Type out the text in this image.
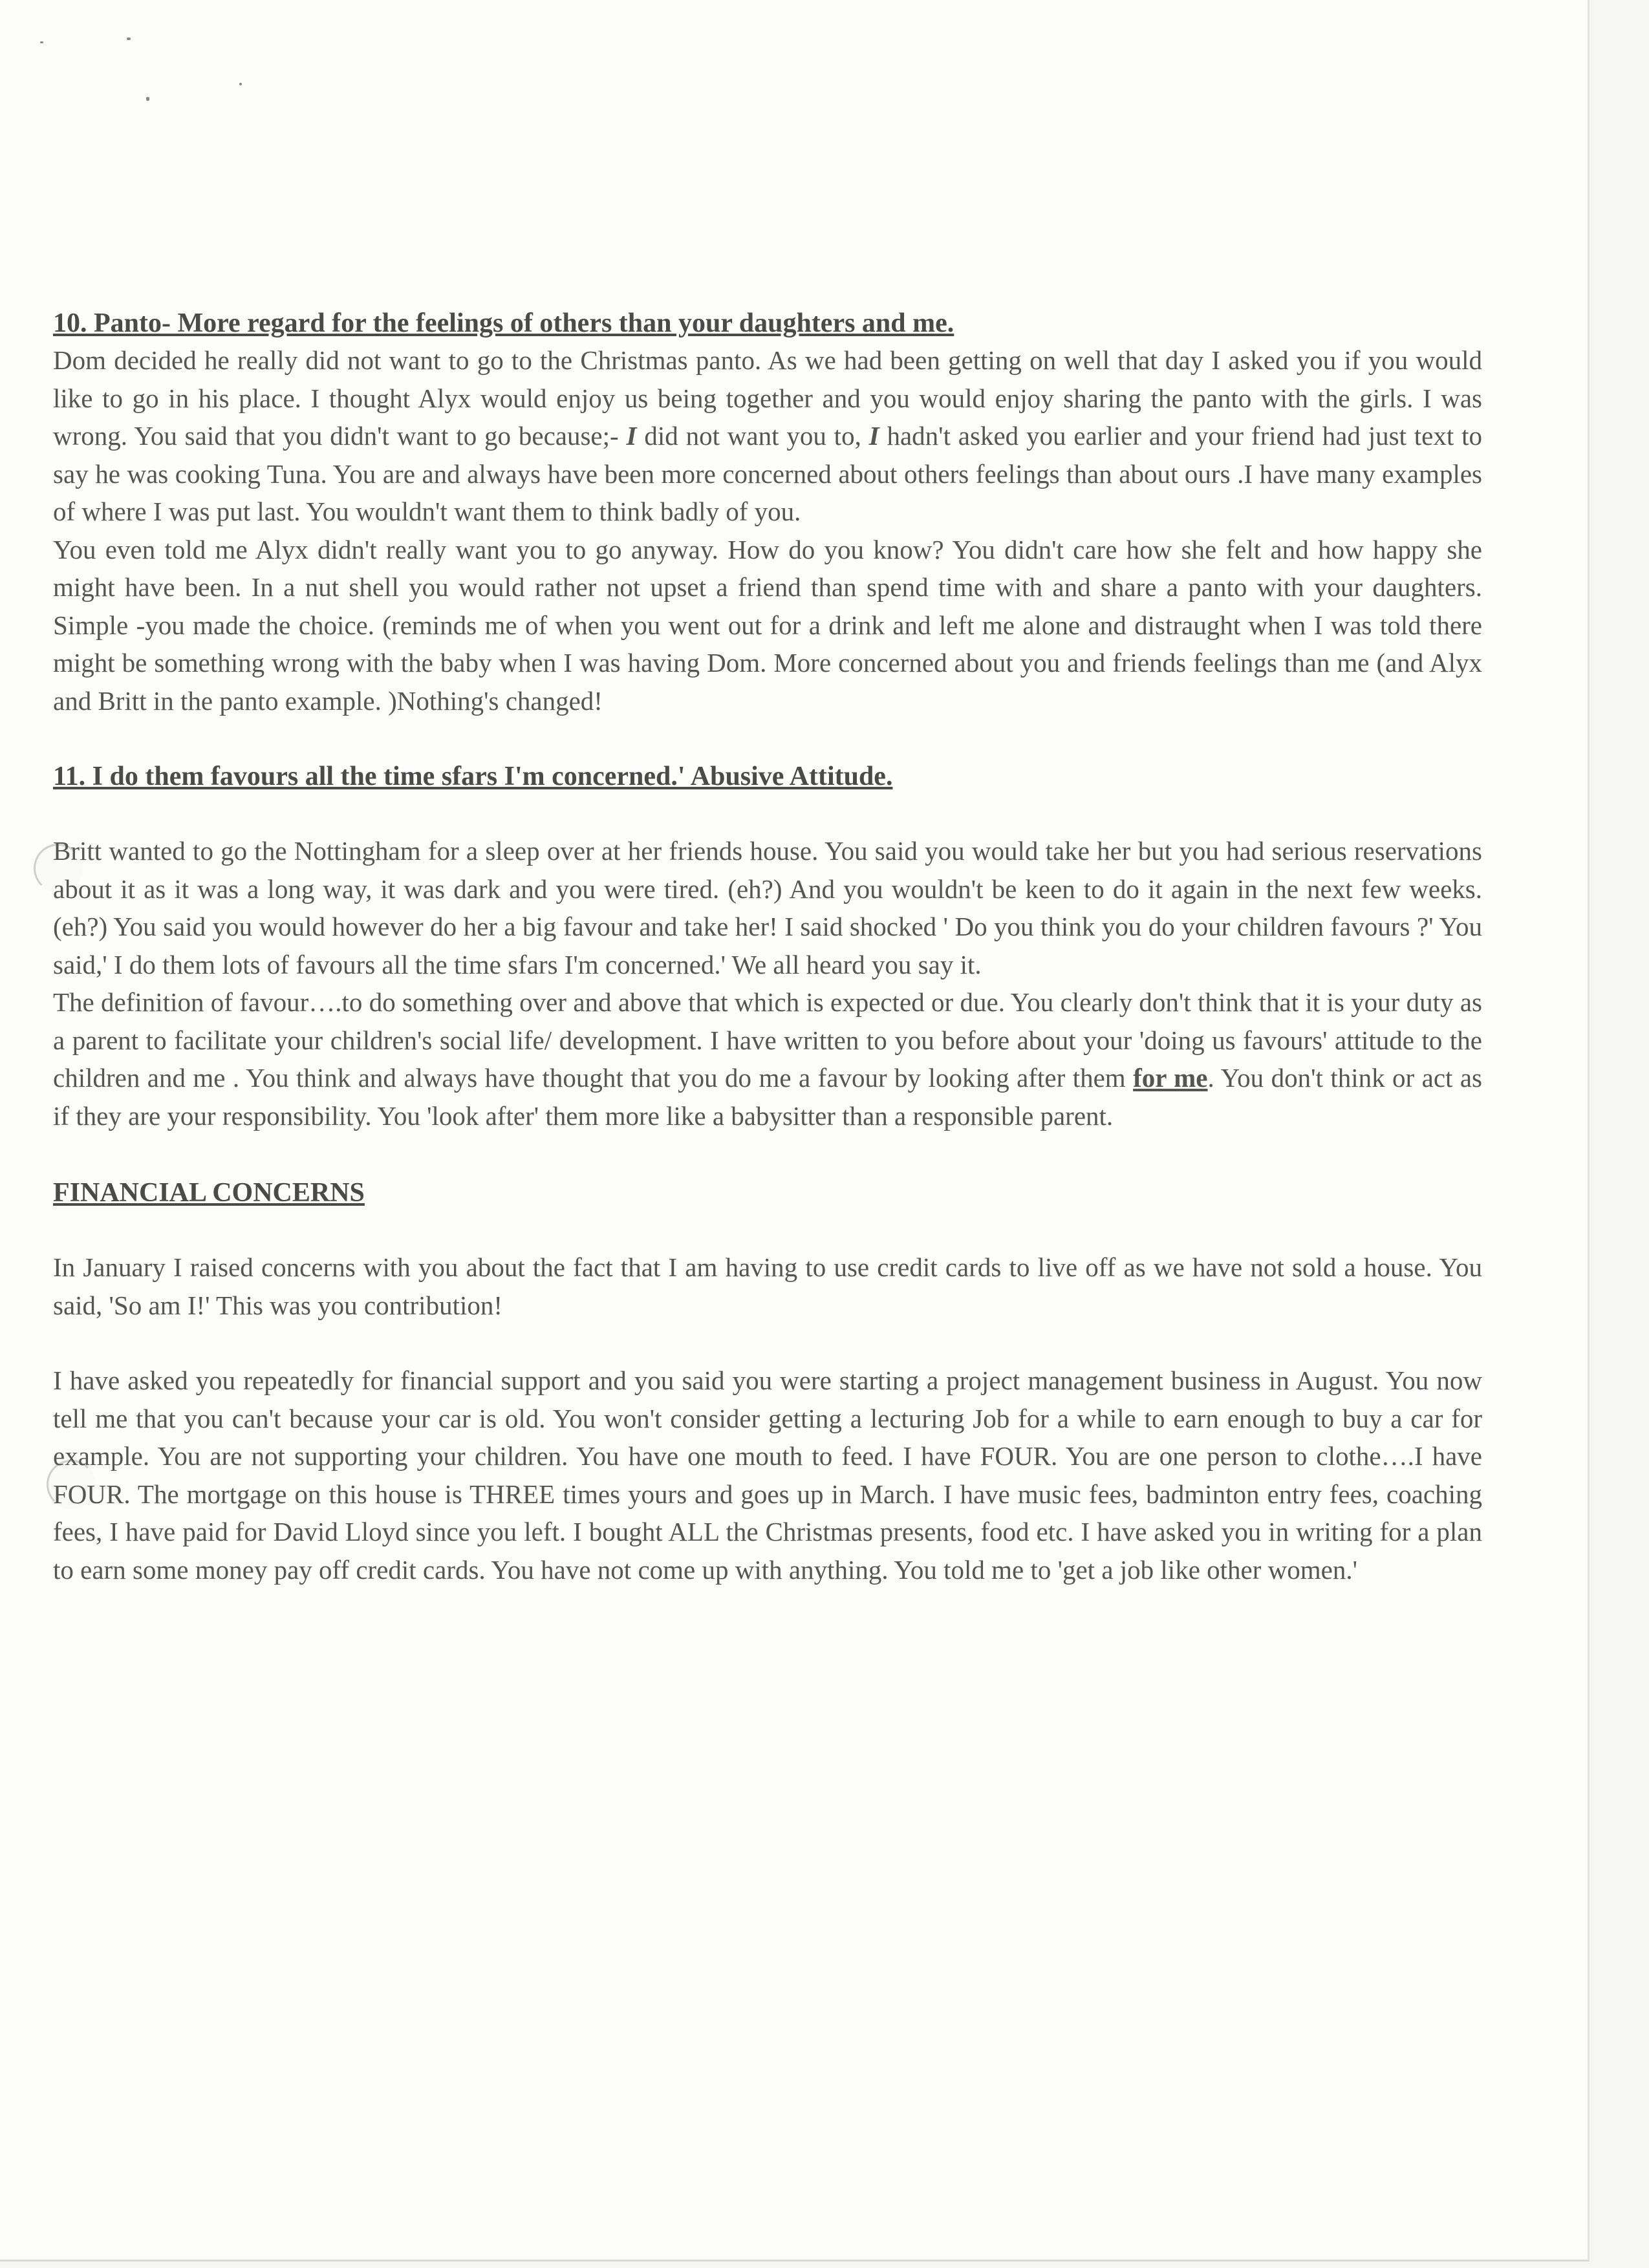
10. Panto- More regard for the feelings of others than your daughters and me.

Dom decided he really did not want to go to the Christmas panto. As we had been getting on well that day I asked you if you would like to go in his place. I thought Alyx would enjoy us being together and you would enjoy sharing the panto with the girls. I was wrong. You said that you didn't want to go because;- I did not want you to, I hadn't asked you earlier and your friend had just text to say he was cooking Tuna. You are and always have been more concerned about others feelings than about ours .I have many examples of where I was put last. You wouldn't want them to think badly of you.

You even told me Alyx didn't really want you to go anyway. How do you know? You didn't care how she felt and how happy she might have been. In a nut shell you would rather not upset a friend than spend time with and share a panto with your daughters. Simple -you made the choice. (reminds me of when you went out for a drink and left me alone and distraught when I was told there might be something wrong with the baby when I was having Dom. More concerned about you and friends feelings than me (and Alyx and Britt in the panto example. )Nothing's changed!

11. I do them favours all the time sfars I'm concerned.' Abusive Attitude.

Britt wanted to go the Nottingham for a sleep over at her friends house. You said you would take her but you had serious reservations about it as it was a long way, it was dark and you were tired. (eh?) And you wouldn't be keen to do it again in the next few weeks.(eh?) You said you would however do her a big favour and take her! I said shocked ' Do you think you do your children favours ?' You said,' I do them lots of favours all the time sfars I'm concerned.' We all heard you say it.

The definition of favour….to do something over and above that which is expected or due. You clearly don't think that it is your duty as a parent to facilitate your children's social life/ development. I have written to you before about your 'doing us favours' attitude to the children and me . You think and always have thought that you do me a favour by looking after them for me. You don't think or act as if they are your responsibility. You 'look after' them more like a babysitter than a responsible parent.

FINANCIAL CONCERNS

In January I raised concerns with you about the fact that I am having to use credit cards to live off as we have not sold a house. You said, 'So am I!' This was you contribution!

I have asked you repeatedly for financial support and you said you were starting a project management business in August. You now tell me that you can't because your car is old. You won't consider getting a lecturing Job for a while to earn enough to buy a car for example. You are not supporting your children. You have one mouth to feed. I have FOUR. You are one person to clothe….I have FOUR. The mortgage on this house is THREE times yours and goes up in March. I have music fees, badminton entry fees, coaching fees, I have paid for David Lloyd since you left. I bought ALL the Christmas presents, food etc. I have asked you in writing for a plan to earn some money pay off credit cards. You have not come up with anything. You told me to 'get a job like other women.'
